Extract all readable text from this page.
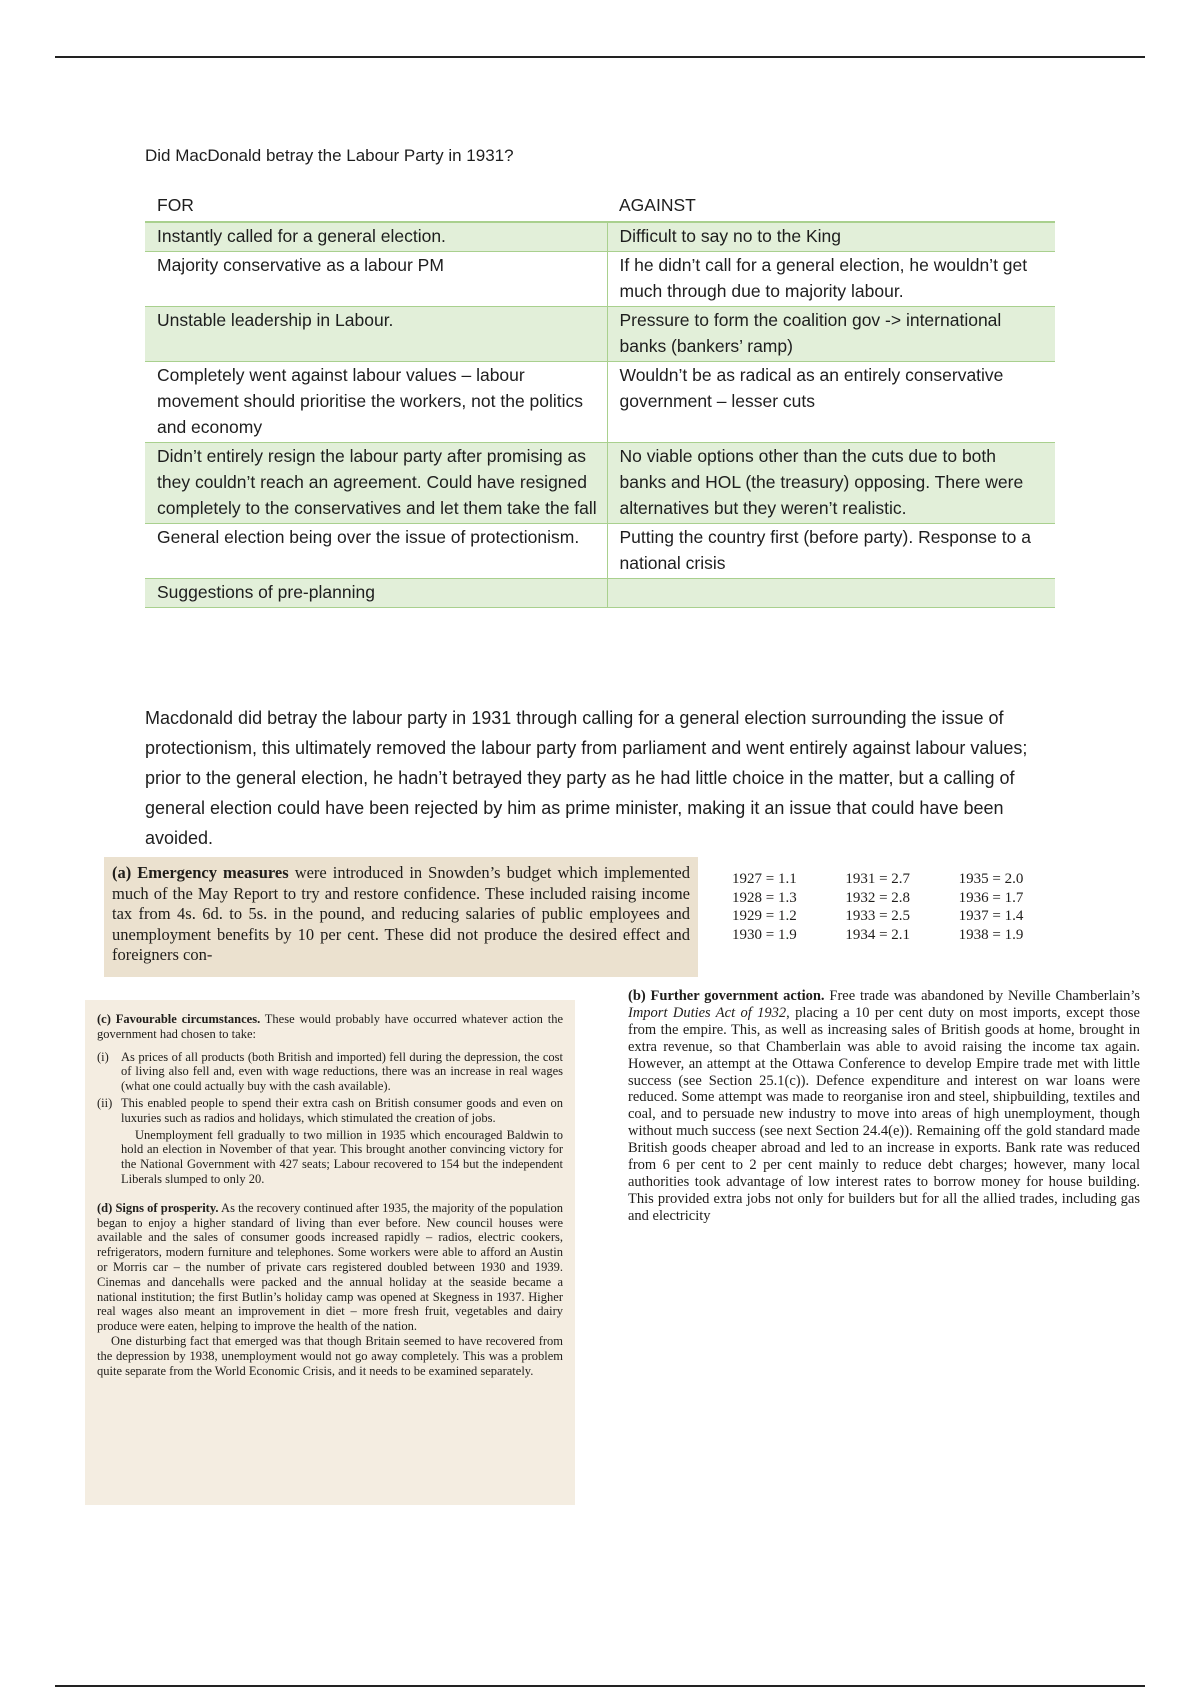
Did MacDonald betray the Labour Party in 1931?
FOR	AGAINST
Instantly called for a general election.	Difficult to say no to the King
Majority conservative as a labour PM	If he didn’t call for a general election, he wouldn’t get much through due to majority labour.
Unstable leadership in Labour.	Pressure to form the coalition gov -> international banks (bankers’ ramp)
Completely went against labour values – labour movement should prioritise the workers, not the politics and economy	Wouldn’t be as radical as an entirely conservative government – lesser cuts
Didn’t entirely resign the labour party after promising as they couldn’t reach an agreement. Could have resigned completely to the conservatives and let them take the fall	No viable options other than the cuts due to both banks and HOL (the treasury) opposing. There were alternatives but they weren’t realistic.
General election being over the issue of protectionism.	Putting the country first (before party). Response to a national crisis
Suggestions of pre-planning	
Macdonald did betray the labour party in 1931 through calling for a general election surrounding the issue of protectionism, this ultimately removed the labour party from parliament and went entirely against labour values; prior to the general election, he hadn’t betrayed they party as he had little choice in the matter, but a calling of general election could have been rejected by him as prime minister, making it an issue that could have been avoided.
(a) Emergency measures were introduced in Snowden’s budget which implemented much of the May Report to try and restore confidence. These included raising income tax from 4s. 6d. to 5s. in the pound, and reducing salaries of public employees and unemployment benefits by 10 per cent. These did not produce the desired effect and foreigners con-
1927 = 1.1	1931 = 2.7	1935 = 2.0
1928 = 1.3	1932 = 2.8	1936 = 1.7
1929 = 1.2	1933 = 2.5	1937 = 1.4
1930 = 1.9	1934 = 2.1	1938 = 1.9
(b) Further government action. Free trade was abandoned by Neville Chamberlain’s Import Duties Act of 1932, placing a 10 per cent duty on most imports, except those from the empire. This, as well as increasing sales of British goods at home, brought in extra revenue, so that Chamberlain was able to avoid raising the income tax again. However, an attempt at the Ottawa Conference to develop Empire trade met with little success (see Section 25.1(c)). Defence expenditure and interest on war loans were reduced. Some attempt was made to reorganise iron and steel, shipbuilding, textiles and coal, and to persuade new industry to move into areas of high unemployment, though without much success (see next Section 24.4(e)). Remaining off the gold standard made British goods cheaper abroad and led to an increase in exports. Bank rate was reduced from 6 per cent to 2 per cent mainly to reduce debt charges; however, many local authorities took advantage of low interest rates to borrow money for house building. This provided extra jobs not only for builders but for all the allied trades, including gas and electricity

(c) Favourable circumstances. These would probably have occurred whatever action the government had chosen to take:

(i) As prices of all products (both British and imported) fell during the depression, the cost of living also fell and, even with wage reductions, there was an increase in real wages (what one could actually buy with the cash available).
(ii) This enabled people to spend their extra cash on British consumer goods and even on luxuries such as radios and holidays, which stimulated the creation of jobs.

Unemployment fell gradually to two million in 1935 which encouraged Baldwin to hold an election in November of that year. This brought another convincing victory for the National Government with 427 seats; Labour recovered to 154 but the independent Liberals slumped to only 20.

(d) Signs of prosperity. As the recovery continued after 1935, the majority of the population began to enjoy a higher standard of living than ever before. New council houses were available and the sales of consumer goods increased rapidly – radios, electric cookers, refrigerators, modern furniture and telephones. Some workers were able to afford an Austin or Morris car – the number of private cars registered doubled between 1930 and 1939. Cinemas and dancehalls were packed and the annual holiday at the seaside became a national institution; the first Butlin’s holiday camp was opened at Skegness in 1937. Higher real wages also meant an improvement in diet – more fresh fruit, vegetables and dairy produce were eaten, helping to improve the health of the nation.

One disturbing fact that emerged was that though Britain seemed to have recovered from the depression by 1938, unemployment would not go away completely. This was a problem quite separate from the World Economic Crisis, and it needs to be examined separately.
